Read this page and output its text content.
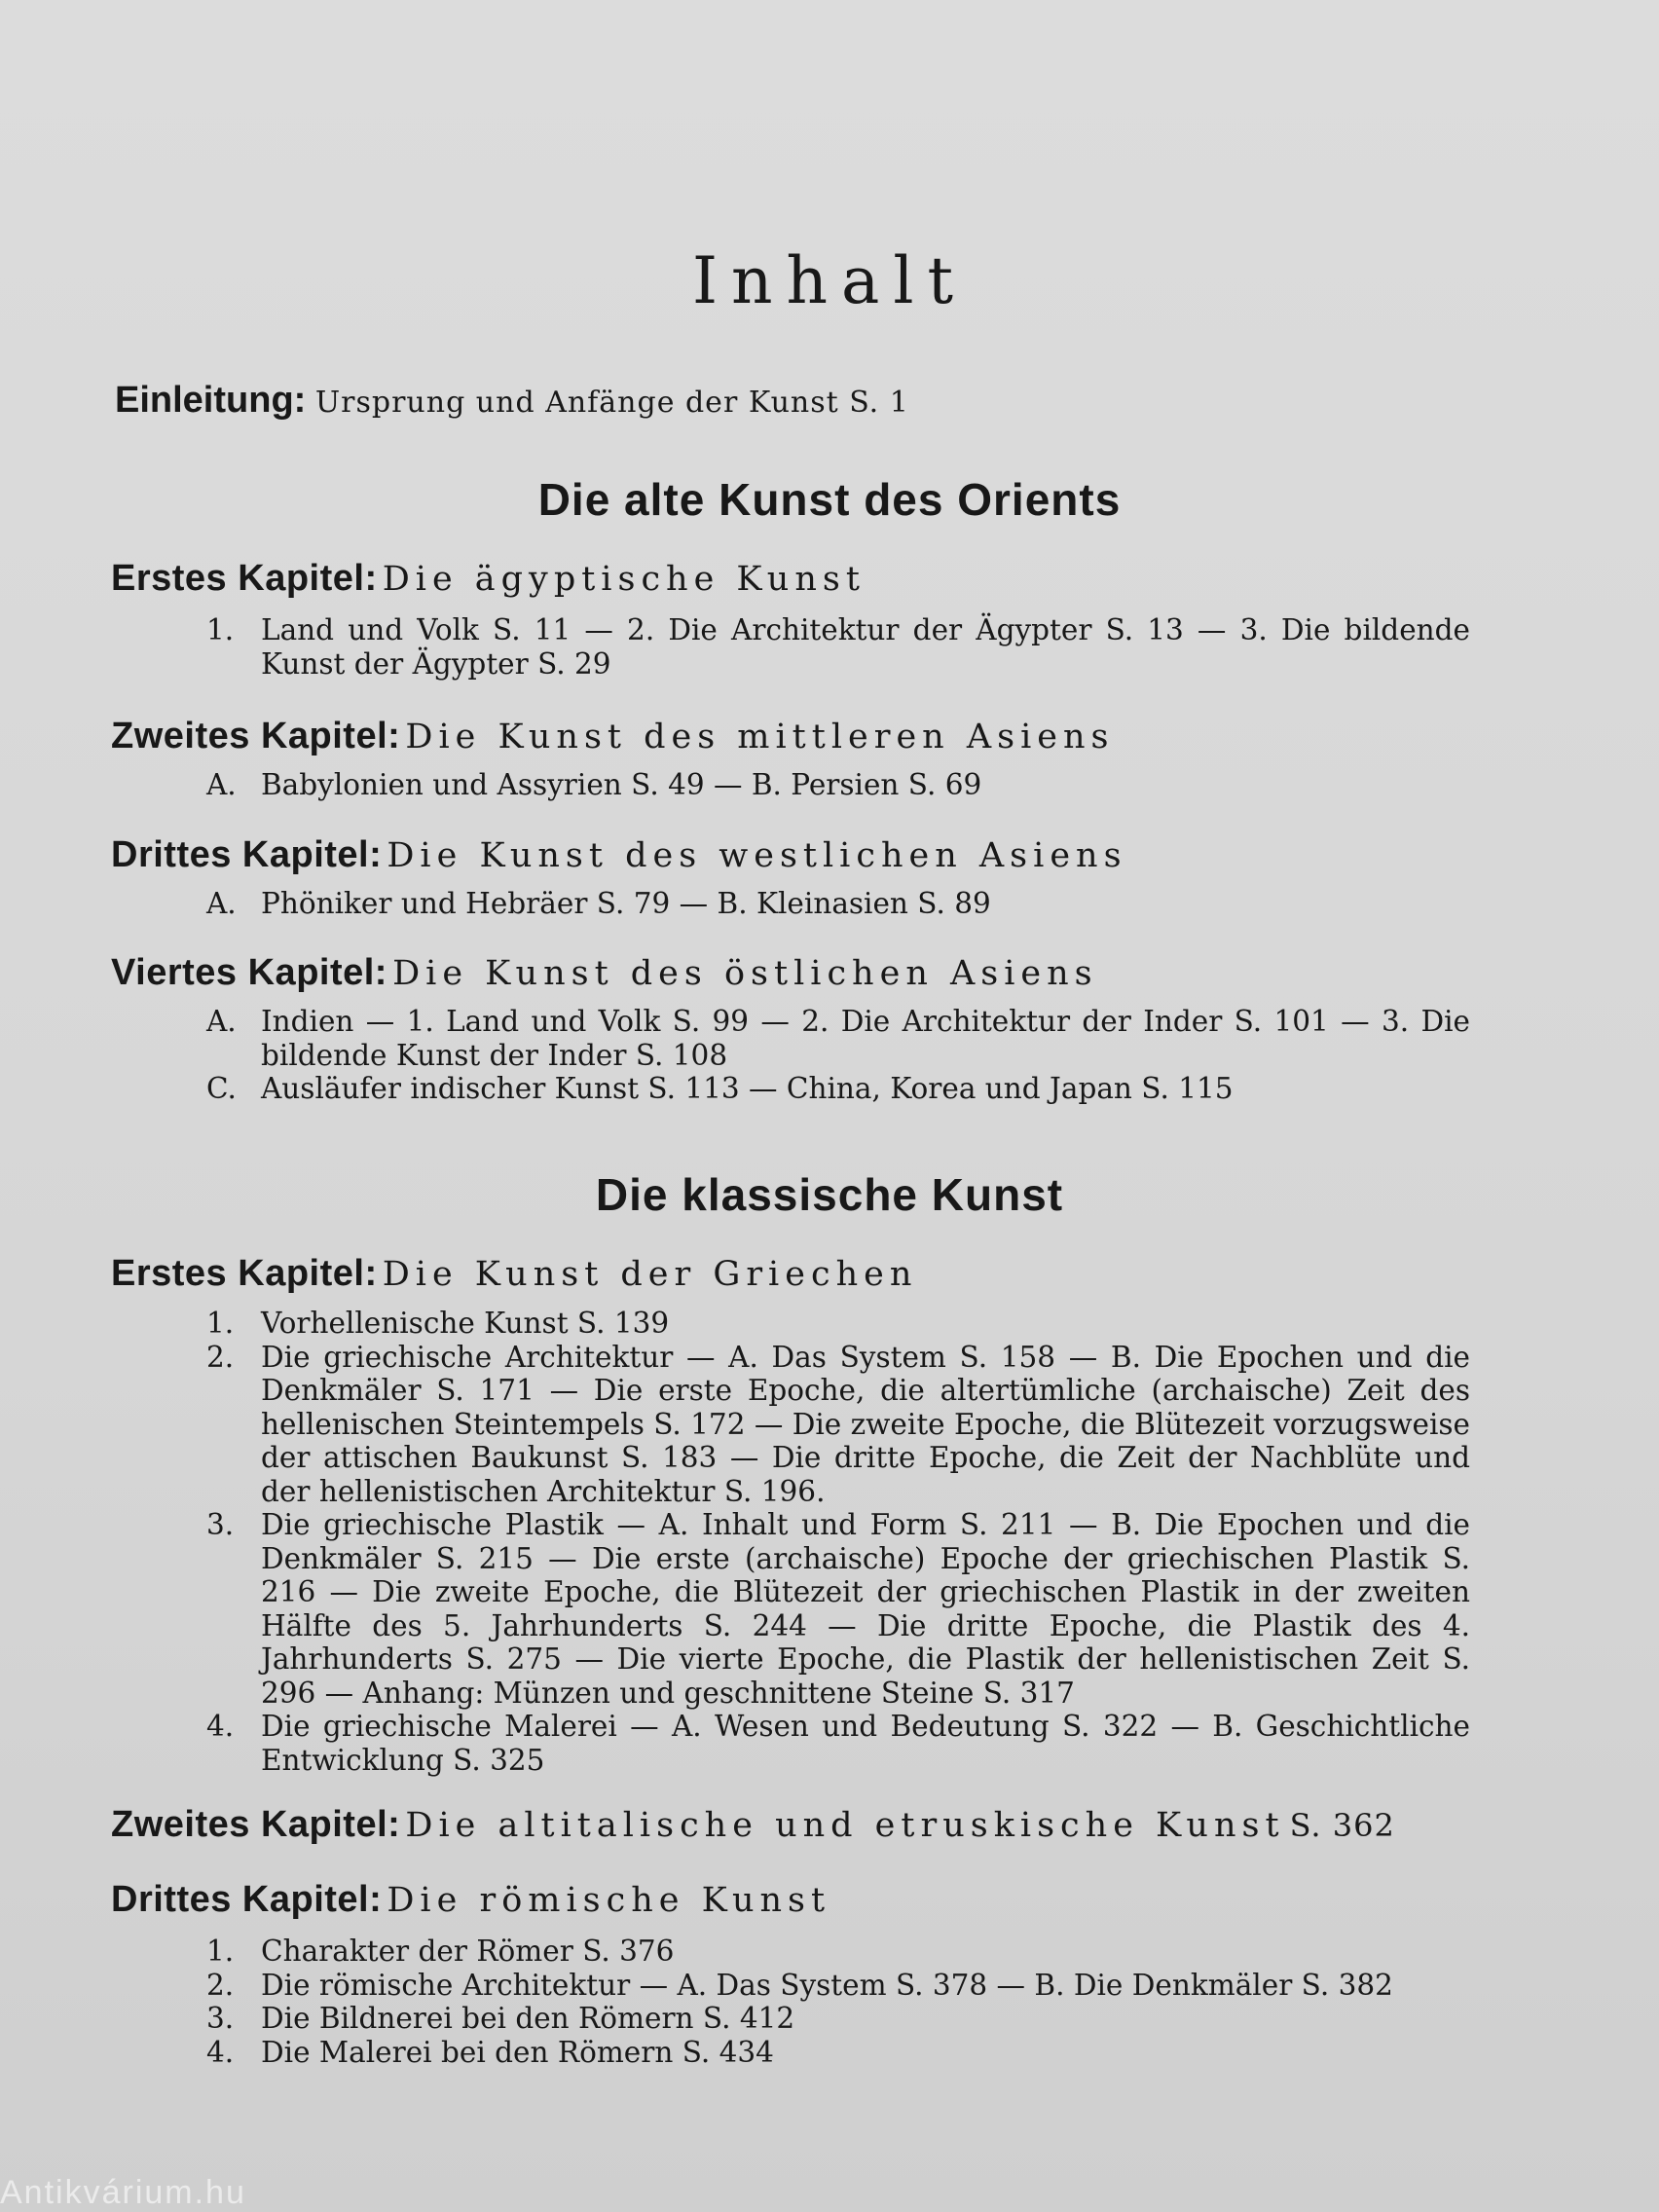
Inhalt
Einleitung: Ursprung und Anfänge der Kunst S. 1
Die alte Kunst des Orients
Erstes Kapitel: Die ägyptische Kunst
1. Land und Volk S. 11 — 2. Die Architektur der Ägypter S. 13 — 3. Die bildende Kunst der Ägypter S. 29
Zweites Kapitel: Die Kunst des mittleren Asiens
A. Babylonien und Assyrien S. 49 — B. Persien S. 69
Drittes Kapitel: Die Kunst des westlichen Asiens
A. Phöniker und Hebräer S. 79 — B. Kleinasien S. 89
Viertes Kapitel: Die Kunst des östlichen Asiens
A. Indien — 1. Land und Volk S. 99 — 2. Die Architektur der Inder S. 101 — 3. Die bildende Kunst der Inder S. 108
C. Ausläufer indischer Kunst S. 113 — China, Korea und Japan S. 115
Die klassische Kunst
Erstes Kapitel: Die Kunst der Griechen
1. Vorhellenische Kunst S. 139
2. Die griechische Architektur — A. Das System S. 158 — B. Die Epochen und die Denkmäler S. 171 — Die erste Epoche, die altertümliche (archaische) Zeit des hellenischen Steintempels S. 172 — Die zweite Epoche, die Blütezeit vorzugsweise der attischen Baukunst S. 183 — Die dritte Epoche, die Zeit der Nachblüte und der hellenistischen Architektur S. 196.
3. Die griechische Plastik — A. Inhalt und Form S. 211 — B. Die Epochen und die Denkmäler S. 215 — Die erste (archaische) Epoche der griechischen Plastik S. 216 — Die zweite Epoche, die Blütezeit der griechischen Plastik in der zweiten Hälfte des 5. Jahrhunderts S. 244 — Die dritte Epoche, die Plastik des 4. Jahrhunderts S. 275 — Die vierte Epoche, die Plastik der hellenistischen Zeit S. 296 — Anhang: Münzen und geschnittene Steine S. 317
4. Die griechische Malerei — A. Wesen und Bedeutung S. 322 — B. Geschichtliche Entwicklung S. 325
Zweites Kapitel: Die altitalische und etruskische Kunst S. 362
Drittes Kapitel: Die römische Kunst
1. Charakter der Römer S. 376
2. Die römische Architektur — A. Das System S. 378 — B. Die Denkmäler S. 382
3. Die Bildnerei bei den Römern S. 412
4. Die Malerei bei den Römern S. 434
Antikvárium.hu
